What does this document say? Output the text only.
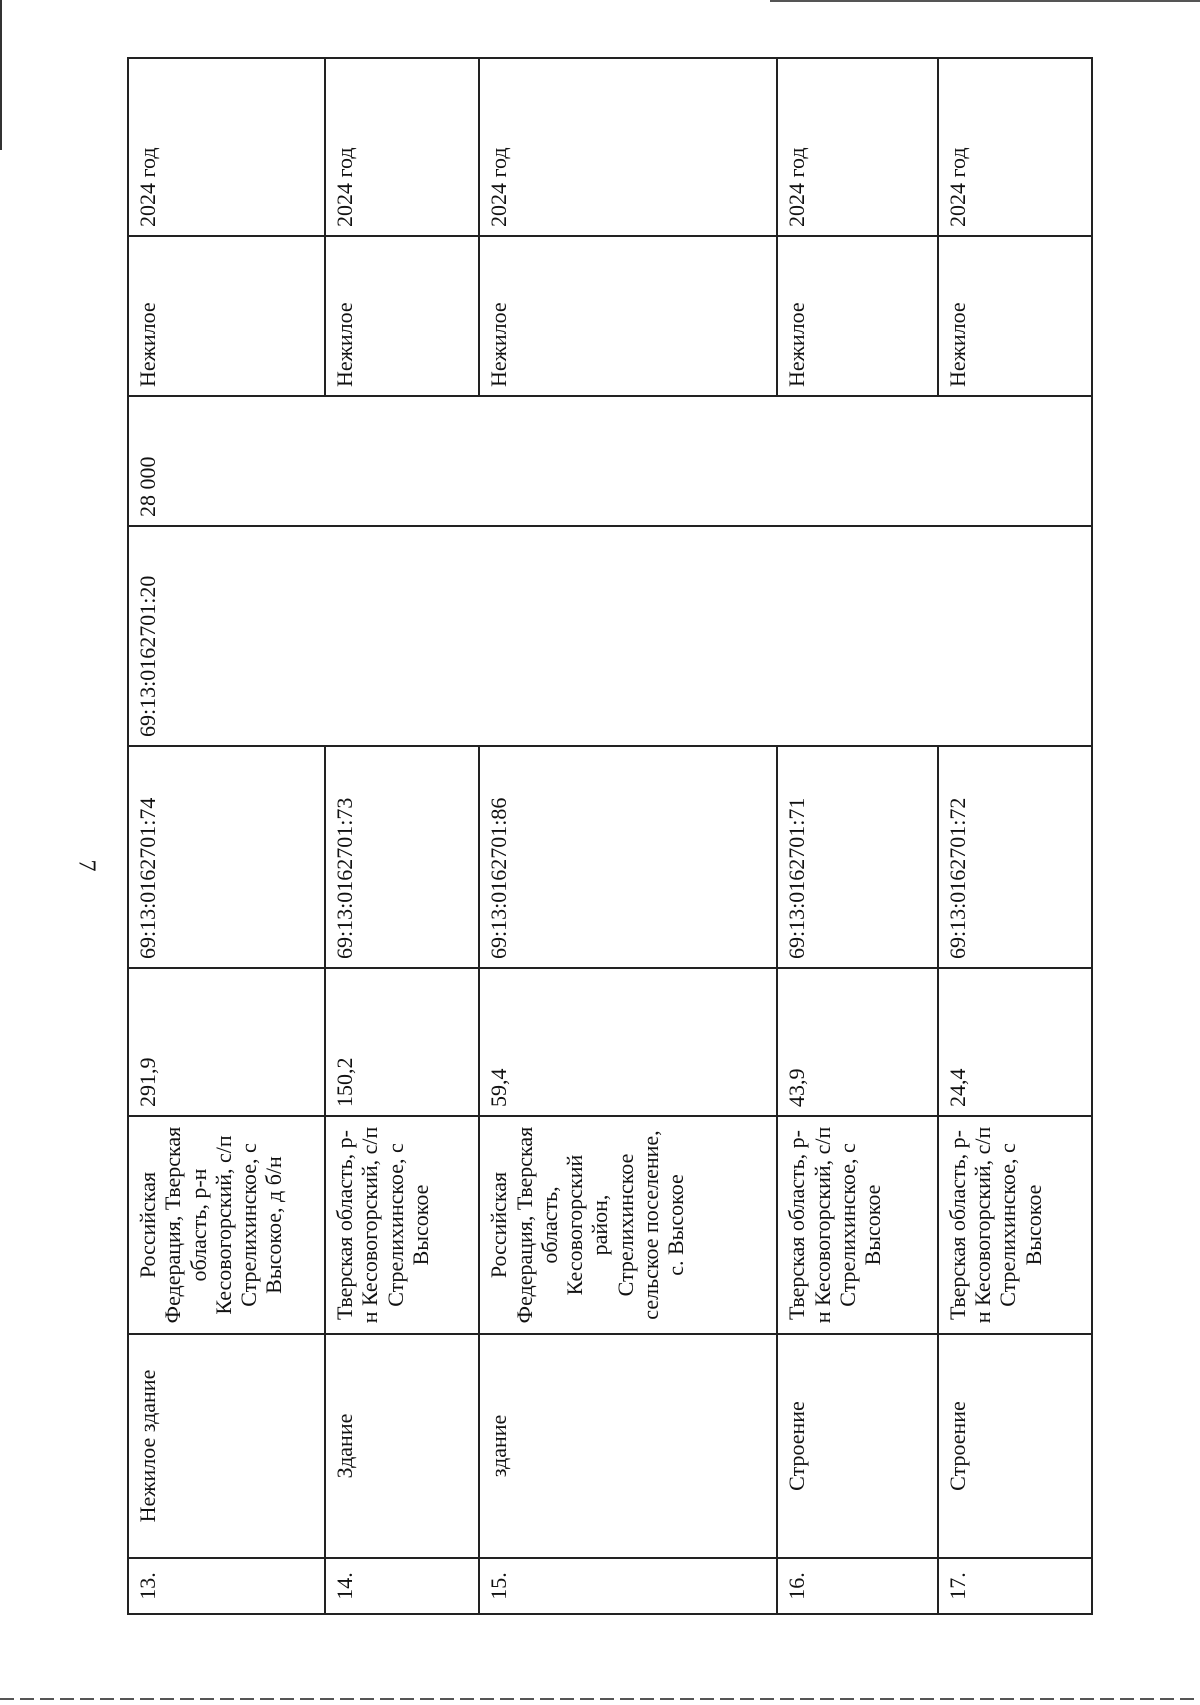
7
13.	Нежилое здание	Российская Федерация, Тверская область, р-н Кесовогорский, с/п Стрелихинское, с Высокое, д б/н	291,9	69:13:0162701:74	69:13:0162701:20	28 000	Нежилое	2024 год
14.	Здание	Тверская область, р-н Кесовогорский, с/п Стрелихинское, с Высокое	150,2	69:13:0162701:73			Нежилое	2024 год
15.	здание	Российская Федерация, Тверская область, Кесовогорский район, Стрелихинское сельское поселение, с. Высокое	59,4	69:13:0162701:86			Нежилое	2024 год
16.	Строение	Тверская область, р-н Кесовогорский, с/п Стрелихинское, с Высокое	43,9	69:13:0162701:71			Нежилое	2024 год
17.	Строение	Тверская область, р-н Кесовогорский, с/п Стрелихинское, с Высокое	24,4	69:13:0162701:72			Нежилое	2024 год
